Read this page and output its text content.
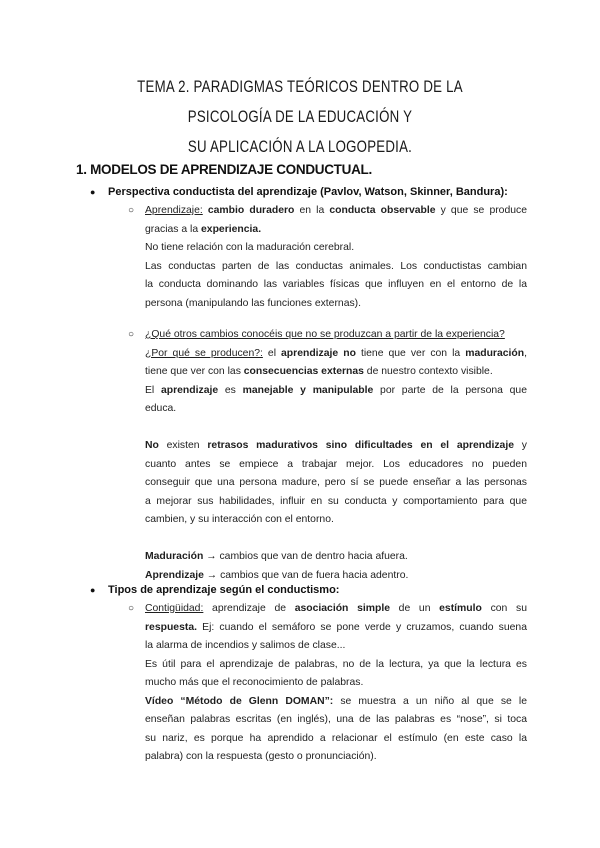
TEMA 2. PARADIGMAS TEÓRICOS DENTRO DE LA PSICOLOGÍA DE LA EDUCACIÓN Y
SU APLICACIÓN A LA LOGOPEDIA.
1. MODELOS DE APRENDIZAJE CONDUCTUAL.
● Perspectiva conductista del aprendizaje (Pavlov, Watson, Skinner, Bandura):
○ Aprendizaje: cambio duradero en la conducta observable y que se produce
gracias a la experiencia.
No tiene relación con la maduración cerebral.
Las conductas parten de las conductas animales. Los conductistas cambian
la conducta dominando las variables físicas que influyen en el entorno de la
persona (manipulando las funciones externas).
○ ¿Qué otros cambios conocéis que no se produzcan a partir de la experiencia?
¿Por qué se producen?: el aprendizaje no tiene que ver con la maduración,
tiene que ver con las consecuencias externas de nuestro contexto visible.
El aprendizaje es manejable y manipulable por parte de la persona que
educa.

No existen retrasos madurativos sino dificultades en el aprendizaje y
cuanto antes se empiece a trabajar mejor. Los educadores no pueden
conseguir que una persona madure, pero sí se puede enseñar a las personas
a mejorar sus habilidades, influir en su conducta y comportamiento para que
cambien, y su interacción con el entorno.

Maduración → cambios que van de dentro hacia afuera.
Aprendizaje → cambios que van de fuera hacia adentro.
● Tipos de aprendizaje según el conductismo:
○ Contigüidad: aprendizaje de asociación simple de un estímulo con su
respuesta. Ej: cuando el semáforo se pone verde y cruzamos, cuando suena
la alarma de incendios y salimos de clase...
Es útil para el aprendizaje de palabras, no de la lectura, ya que la lectura es
mucho más que el reconocimiento de palabras.
Vídeo “Método de Glenn DOMAN”: se muestra a un niño al que se le
enseñan palabras escritas (en inglés), una de las palabras es “nose”, si toca
su nariz, es porque ha aprendido a relacionar el estímulo (en este caso la
palabra) con la respuesta (gesto o pronunciación).
